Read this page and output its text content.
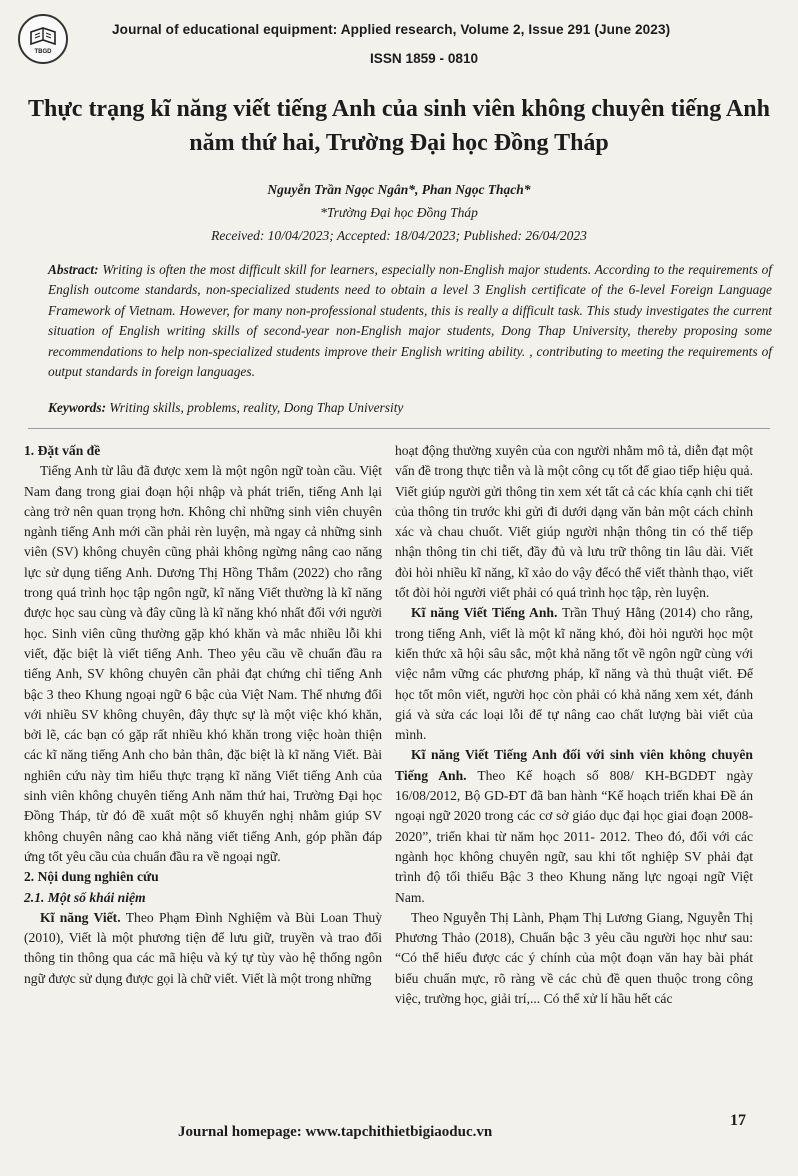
TBGD
Journal of educational equipment: Applied research, Volume 2, Issue 291 (June 2023)
ISSN 1859 - 0810
Thực trạng kĩ năng viết tiếng Anh của sinh viên không chuyên tiếng Anh năm thứ hai, Trường Đại học Đồng Tháp
Nguyễn Trần Ngọc Ngân*, Phan Ngọc Thạch*
*Trường Đại học Đồng Tháp
Received: 10/04/2023; Accepted: 18/04/2023; Published: 26/04/2023
Abstract: Writing is often the most difficult skill for learners, especially non-English major students. According to the requirements of English outcome standards, non-specialized students need to obtain a level 3 English certificate of the 6-level Foreign Language Framework of Vietnam. However, for many non-professional students, this is really a difficult task. This study investigates the current situation of English writing skills of second-year non-English major students, Dong Thap University, thereby proposing some recommendations to help non-specialized students improve their English writing ability. , contributing to meeting the requirements of output standards in foreign languages.
Keywords: Writing skills, problems, reality, Dong Thap University
1. Đặt vấn đề

Tiếng Anh từ lâu đã được xem là một ngôn ngữ toàn cầu. Việt Nam đang trong giai đoạn hội nhập và phát triển, tiếng Anh lại càng trở nên quan trọng hơn. Không chỉ những sinh viên chuyên ngành tiếng Anh mới cần phải rèn luyện, mà ngay cả những sinh viên (SV) không chuyên cũng phải không ngừng nâng cao năng lực sử dụng tiếng Anh. Dương Thị Hồng Thắm (2022) cho rằng trong quá trình học tập ngôn ngữ, kĩ năng Viết thường là kĩ năng được học sau cùng và đây cũng là kĩ năng khó nhất đối với người học. Sinh viên cũng thường gặp khó khăn và mắc nhiều lỗi khi viết, đặc biệt là viết tiếng Anh. Theo yêu cầu về chuẩn đầu ra tiếng Anh, SV không chuyên cần phải đạt chứng chỉ tiếng Anh bậc 3 theo Khung ngoại ngữ 6 bậc của Việt Nam. Thế nhưng đối với nhiều SV không chuyên, đây thực sự là một việc khó khăn, bởi lẽ, các bạn có gặp rất nhiều khó khăn trong việc hoàn thiện các kĩ năng tiếng Anh cho bản thân, đặc biệt là kĩ năng Viết. Bài nghiên cứu này tìm hiểu thực trạng kĩ năng Viết tiếng Anh của sinh viên không chuyên tiếng Anh năm thứ hai, Trường Đại học Đồng Tháp, từ đó đề xuất một số khuyến nghị nhằm giúp SV không chuyên nâng cao khả năng viết tiếng Anh, góp phần đáp ứng tốt yêu cầu của chuẩn đầu ra về ngoại ngữ.

2. Nội dung nghiên cứu
2.1. Một số khái niệm

Kĩ năng Viết. Theo Phạm Đình Nghiệm và Bùi Loan Thuỳ (2010), Viết là một phương tiện để lưu giữ, truyền và trao đổi thông tin thông qua các mã hiệu và ký tự tùy vào hệ thống ngôn ngữ được sử dụng được gọi là chữ viết. Viết là một trong những

hoạt động thường xuyên của con người nhằm mô tả, diễn đạt một vấn đề trong thực tiễn và là một công cụ tốt để giao tiếp hiệu quả. Viết giúp người gửi thông tin xem xét tất cả các khía cạnh chi tiết của thông tin trước khi gửi đi dưới dạng văn bản một cách chỉnh xác và chau chuốt. Viết giúp người nhận thông tin có thể tiếp nhận thông tin chi tiết, đầy đủ và lưu trữ thông tin lâu dài. Viết đòi hỏi nhiều kĩ năng, kĩ xảo do vậy đểcó thể viết thành thạo, viết tốt đòi hỏi người viết phải có quá trình học tập, rèn luyện.

Kĩ năng Viết Tiếng Anh. Trần Thuý Hằng (2014) cho rằng, trong tiếng Anh, viết là một kĩ năng khó, đòi hỏi người học một kiến thức xã hội sâu sắc, một khả năng tốt về ngôn ngữ cùng với việc nắm vững các phương pháp, kĩ năng và thủ thuật viết. Để học tốt môn viết, người học còn phải có khả năng xem xét, đánh giá và sửa các loại lỗi để tự nâng cao chất lượng bài viết của mình.

Kĩ năng Viết Tiếng Anh đối với sinh viên không chuyên Tiếng Anh. Theo Kế hoạch số 808/ KH-BGDĐT ngày 16/08/2012, Bộ GD-ĐT đã ban hành “Kế hoạch triển khai Đề án ngoại ngữ 2020 trong các cơ sở giáo dục đại học giai đoạn 2008-2020”, triển khai từ năm học 2011- 2012. Theo đó, đối với các ngành học không chuyên ngữ, sau khi tốt nghiệp SV phải đạt trình độ tối thiểu Bậc 3 theo Khung năng lực ngoại ngữ Việt Nam.

Theo Nguyễn Thị Lành, Phạm Thị Lương Giang, Nguyễn Thị Phương Thảo (2018), Chuẩn bậc 3 yêu cầu người học như sau: “Có thể hiểu được các ý chính của một đoạn văn hay bài phát biểu chuẩn mực, rõ ràng về các chủ đề quen thuộc trong công việc, trường học, giải trí,... Có thể xử lí hầu hết các

Journal homepage: www.tapchithietbigiaoduc.vn
17
